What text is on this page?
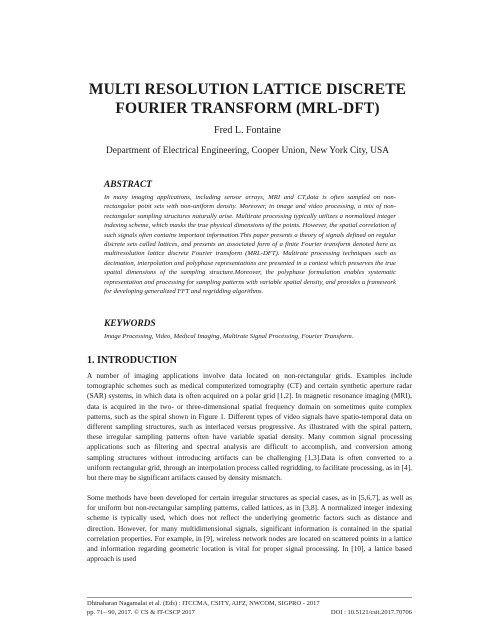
MULTI RESOLUTION LATTICE DISCRETE
FOURIER TRANSFORM (MRL-DFT)
Fred L. Fontaine
Department of Electrical Engineering, Cooper Union, New York City, USA
ABSTRACT

In many imaging applications, including sensor arrays, MRI and CT,data is often sampled on non-rectangular point sets with non-uniform density. Moreover, in image and video processing, a mix of non-rectangular sampling structures naturally arise. Multirate processing typically utilizes a normalized integer indexing scheme, which masks the true physical dimensions of the points. However, the spatial correlation of such signals often contains important information.This paper presents a theory of signals defined on regular discrete sets called lattices, and presents an associated form of a finite Fourier transform denoted here as multiresolution lattice discrete Fourier transform (MRL-DFT). Multirate processing techniques such as decimation, interpolation and polyphase representations are presented in a context which preserves the true spatial dimensions of the sampling structure.Moreover, the polyphase formulation enables systematic representation and processing for sampling patterns with variable spatial density, and provides a framework for developing generalized FFT and regridding algorithms.

KEYWORDS
Image Processing, Video, Medical Imaging, Multirate Signal Processing, Fourier Transform.
1. INTRODUCTION

A number of imaging applications involve data located on non-rectangular grids. Examples include tomographic schemes such as medical computerized tomography (CT) and certain synthetic aperture radar (SAR) systems, in which data is often acquired on a polar grid [1,2]. In magnetic resonance imaging (MRI), data is acquired in the two- or three-dimensional spatial frequency domain on sometimes quite complex patterns, such as the spiral shown in Figure 1. Different types of video signals have spatio-temporal data on different sampling structures, such as interlaced versus progressive. As illustrated with the spiral pattern, these irregular sampling patterns often have variable spatial density. Many common signal processing applications such as filtering and spectral analysis are difficult to accomplish, and conversion among sampling structures without introducing artifacts can be challenging [1,3].Data is often converted to a uniform rectangular grid, through an interpolation process called regridding, to facilitate processing, as in [4], but there may be significant artifacts caused by density mismatch.

Some methods have been developed for certain irregular structures as special cases, as in [5,6,7], as well as for uniform but non-rectangular sampling patterns, called lattices, as in [3,8]. A normalized integer indexing scheme is typically used, which does not reflect the underlying geometric factors such as distance and direction. However, for many multidimensional signals, significant information is contained in the spatial correlation properties. For example, in [9], wireless network nodes are located on scattered points in a lattice and information regarding geometric location is vital for proper signal processing. In [10], a lattice based approach is used

Dhinaharan Nagamalai et al. (Eds) : ITCCMA, CSITY, AIFZ, NWCOM, SIGPRO - 2017
pp. 71– 90, 2017. © CS & IT-CSCP 2017	DOI : 10.5121/csit.2017.70706
